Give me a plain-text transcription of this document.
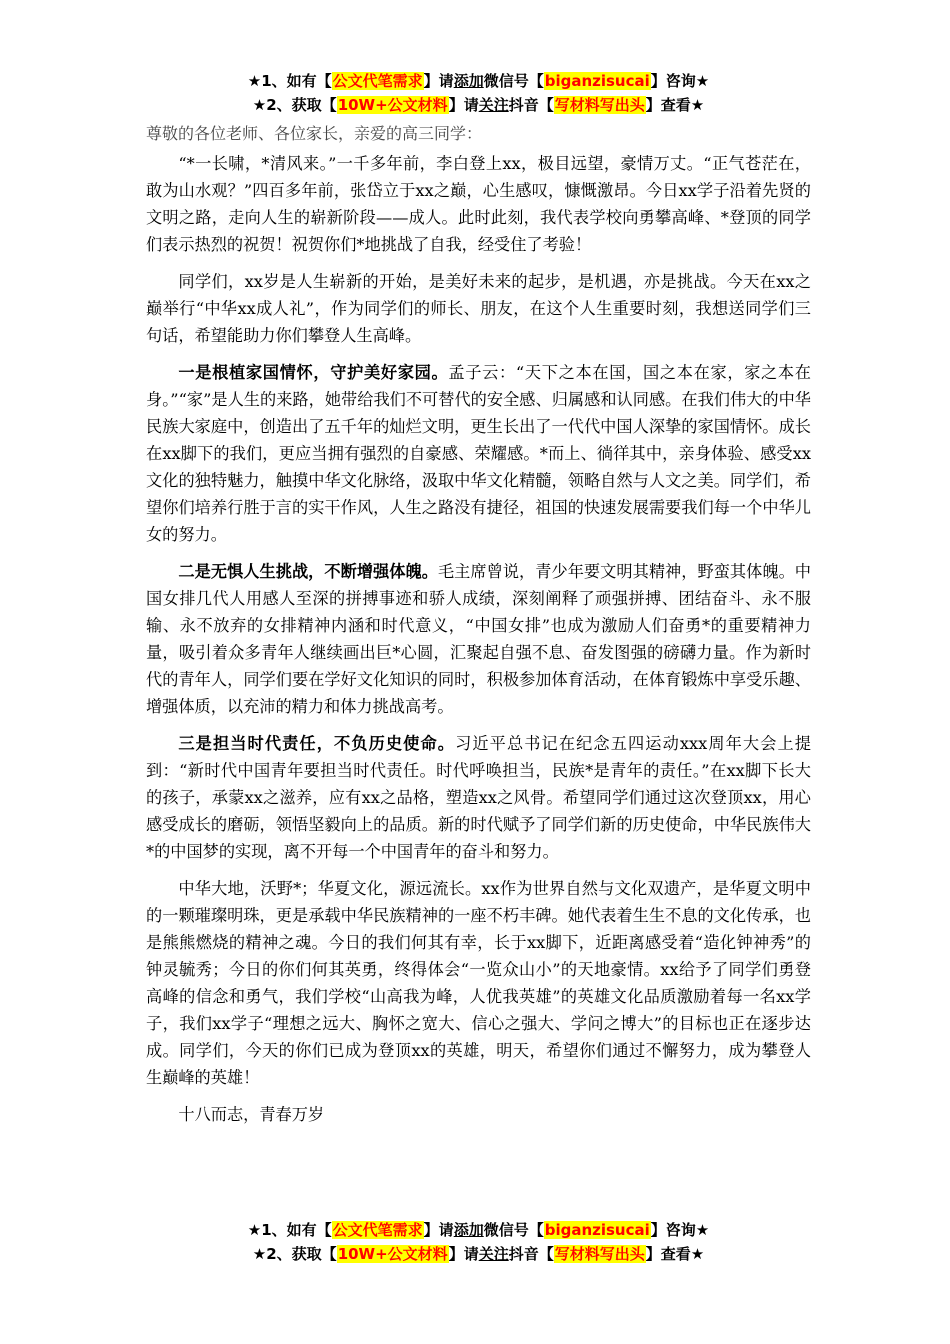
★1、如有【公文代笔需求】请添加微信号【biganzisucai】咨询★
★2、获取【10W+公文材料】请关注抖音【写材料写出头】查看★
尊敬的各位老师、各位家长，亲爱的高三同学：

“*一长啸，*清风来。”一千多年前，李白登上xx，极目远望，豪情万丈。“正气苍茫在，敢为山水观？”四百多年前，张岱立于xx之巅，心生感叹，慷慨激昂。今日xx学子沿着先贤的文明之路，走向人生的崭新阶段——成人。此时此刻，我代表学校向勇攀高峰、*登顶的同学们表示热烈的祝贺！祝贺你们*地挑战了自我，经受住了考验！

同学们，xx岁是人生崭新的开始，是美好未来的起步，是机遇，亦是挑战。今天在xx之巅举行“中华xx成人礼”，作为同学们的师长、朋友，在这个人生重要时刻，我想送同学们三句话，希望能助力你们攀登人生高峰。

一是根植家国情怀，守护美好家园。孟子云：“天下之本在国，国之本在家，家之本在身。”“家”是人生的来路，她带给我们不可替代的安全感、归属感和认同感。在我们伟大的中华民族大家庭中，创造出了五千年的灿烂文明，更生长出了一代代中国人深挚的家国情怀。成长在xx脚下的我们，更应当拥有强烈的自豪感、荣耀感。*而上、徜徉其中，亲身体验、感受xx文化的独特魅力，触摸中华文化脉络，汲取中华文化精髓，领略自然与人文之美。同学们，希望你们培养行胜于言的实干作风，人生之路没有捷径，祖国的快速发展需要我们每一个中华儿女的努力。

二是无惧人生挑战，不断增强体魄。毛主席曾说，青少年要文明其精神，野蛮其体魄。中国女排几代人用感人至深的拼搏事迹和骄人成绩，深刻阐释了顽强拼搏、团结奋斗、永不服输、永不放弃的女排精神内涵和时代意义，“中国女排”也成为激励人们奋勇*的重要精神力量，吸引着众多青年人继续画出巨*心圆，汇聚起自强不息、奋发图强的磅礴力量。作为新时代的青年人，同学们要在学好文化知识的同时，积极参加体育活动，在体育锻炼中享受乐趣、增强体质，以充沛的精力和体力挑战高考。

三是担当时代责任，不负历史使命。习近平总书记在纪念五四运动xxx周年大会上提到：“新时代中国青年要担当时代责任。时代呼唤担当，民族*是青年的责任。”在xx脚下长大的孩子，承蒙xx之滋养，应有xx之品格，塑造xx之风骨。希望同学们通过这次登顶xx，用心感受成长的磨砺，领悟坚毅向上的品质。新的时代赋予了同学们新的历史使命，中华民族伟大*的中国梦的实现，离不开每一个中国青年的奋斗和努力。

中华大地，沃野*；华夏文化，源远流长。xx作为世界自然与文化双遗产，是华夏文明中的一颗璀璨明珠，更是承载中华民族精神的一座不朽丰碑。她代表着生生不息的文化传承，也是熊熊燃烧的精神之魂。今日的我们何其有幸，长于xx脚下，近距离感受着“造化钟神秀”的钟灵毓秀；今日的你们何其英勇，终得体会“一览众山小”的天地豪情。xx给予了同学们勇登高峰的信念和勇气，我们学校“山高我为峰，人优我英雄”的英雄文化品质激励着每一名xx学子，我们xx学子“理想之远大、胸怀之宽大、信心之强大、学问之博大”的目标也正在逐步达成。同学们，今天的你们已成为登顶xx的英雄，明天，希望你们通过不懈努力，成为攀登人生巅峰的英雄！

十八而志，青春万岁

★1、如有【公文代笔需求】请添加微信号【biganzisucai】咨询★
★2、获取【10W+公文材料】请关注抖音【写材料写出头】查看★
